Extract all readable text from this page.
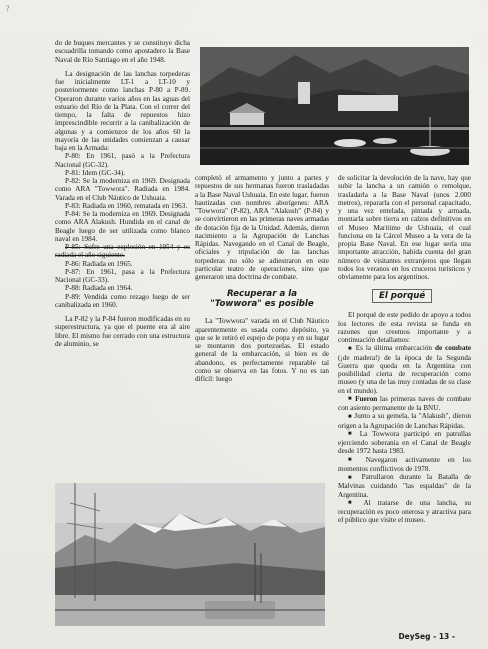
?

do de buques mercantes y se constituye dicha escuadrilla tomando como apostadero la Base Naval de Río Santiago en el año 1948.

La designación de las lanchas torpederas fue inicialmente LT-1 a LT-10 y posteriormente como lanchas P-80 a P-89. Operaron durante varios años en las aguas del estuario del Río de la Plata. Con el correr del tiempo, la falta de repuestos hizo imprescindible recurrir a la canibalización de algunas y a comienzos de los años 60 la mayoría de las unidades comienzan a causar baja en la Armada:

P-80: En 1961, pasó a la Prefectura Nacional (GC-32).

P-81: Idem (GC-34).

P-82: Se la moderniza en 1969. Designada como ARA "Towwora". Radiada en 1984. Varada en el Club Náutico de Ushuaia.

P-83: Radiada en 1960, rematada en 1963.

P-84: Se la moderniza en 1969. Designada como ARA Alakush. Hundida en el canal de Beagle luego de ser utilizada como blanco naval en 1984.

P-85: Sufre una explosión en 1954 y es radiada el año siguiente.

P-86: Radiada en 1965.

P-87: En 1961, pasa a la Prefectura Nacional (GC-33).

P-88: Radiada en 1964.

P-89: Vendida como rezago luego de ser canibalizada en 1960.

La P-82 y la P-84 fueron modificadas en su superestructura, ya que el puente era al aire libre. El mismo fue cerrado con una estructura de aluminio, se

completó el armamento y junto a partes y repuestos de sus hermanas fueron trasladadas a la Base Naval Ushuaia. En este lugar, fueron bautizadas con nombres aborígenes: ARA "Towwora" (P-82), ARA "Alakush" (P-84) y se convirtieron en las primeras naves armadas de dotación fija de la Unidad. Además, dieron nacimiento a la Agrupación de Lanchas Rápidas. Navegando en el Canal de Beagle, oficiales y tripulación de las lanchas torpederas no sólo se adiestraron en este particular teatro de operaciones, sino que generaron una doctrina de combate.

Recuperar a la
"Towwora" es posible

La "Towwora" varada en el Club Náutico aparentemente es usada como depósito, ya que se le retiró el espejo de popa y en su lugar se montaron dos portezuelas. El estado general de la embarcación, si bien es de abandono, es perfectamente reparable tal como se observa en las fotos. Y no es tan difícil: luego

de solicitar la devolución de la nave, hay que subir la lancha a un camión o remolque, trasladarla a la Base Naval (unos 2.000 metros), repararla con el personal capacitado, y una vez entelada, pintada y armada, montarla sobre tierra en calzos definitivos en el Museo Marítimo de Ushuaia, el cual funciona en la Cárcel Museo a la vera de la propia Base Naval. En ese lugar sería una importante atracción, habida cuenta del gran número de visitantes extranjeros que llegan todos los veranos en los cruceros turísticos y obviamente para los argentinos.

El porqué

El porqué de este pedido de apoyo a todos los lectores de esta revista se funda en razones que creemos importante y a continuación detallamos:

■ Es la última embarcación de combate (¡de madera!) de la época de la Segunda Guerra que queda en la Argentina con posibilidad cierta de recuperación como museo (y una de las muy contadas de su clase en el mundo).

■ Fueron las primeras naves de combate con asiento permanente de la BNU.

■ Junto a su gemela, la "Alakush", dieron origen a la Agrupación de Lanchas Rápidas.

■ La Towwora participó en patrullas ejerciendo soberanía en el Canal de Beagle desde 1972 hasta 1983.

■ Navegaron activamente en los momentos conflictivos de 1978.

■ Patrullaron durante la Batalla de Malvinas cuidando "las espaldas" de la Argentina.

■ Al tratarse de una lancha, su recuperación es poco onerosa y atractiva para el público que visite el museo.

DeySeg - 13 -
